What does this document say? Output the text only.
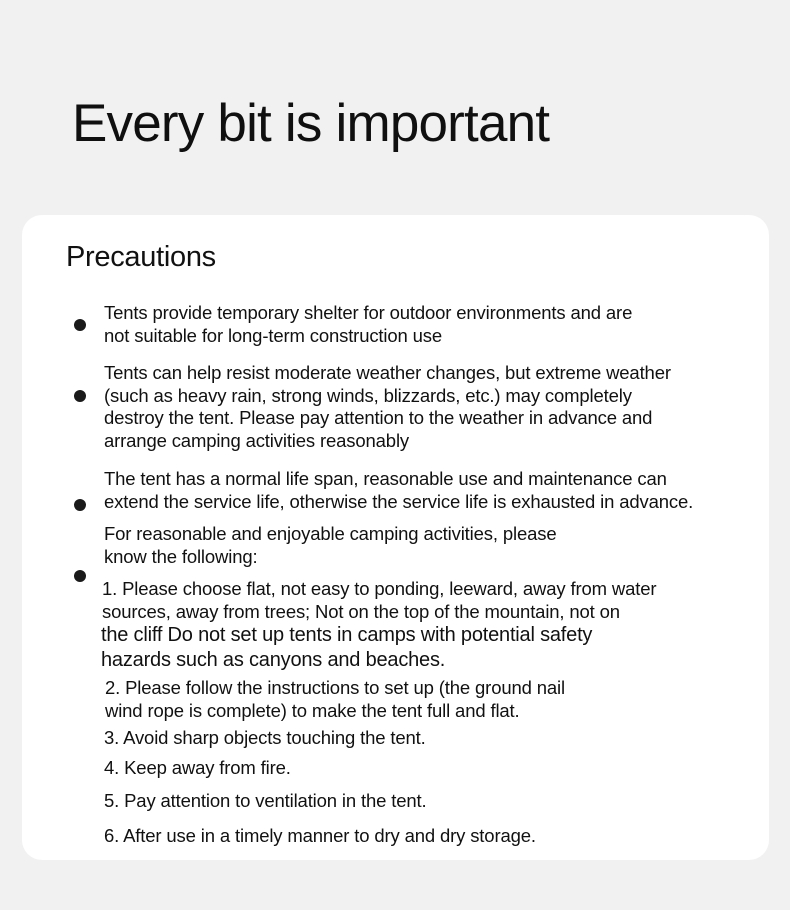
Every bit is important
Precautions

Tents provide temporary shelter for outdoor environments and are
not suitable for long-term construction use

Tents can help resist moderate weather changes, but extreme weather
(such as heavy rain, strong winds, blizzards, etc.) may completely
destroy the tent. Please pay attention to the weather in advance and
arrange camping activities reasonably

The tent has a normal life span, reasonable use and maintenance can
extend the service life, otherwise the service life is exhausted in advance.

For reasonable and enjoyable camping activities, please
know the following:

1. Please choose flat, not easy to ponding, leeward, away from water
sources, away from trees; Not on the top of the mountain, not on

the cliff Do not set up tents in camps with potential safety
hazards such as canyons and beaches.

2. Please follow the instructions to set up (the ground nail
wind rope is complete) to make the tent full and flat.

3. Avoid sharp objects touching the tent.

4. Keep away from fire.

5. Pay attention to ventilation in the tent.

6. After use in a timely manner to dry and dry storage.
